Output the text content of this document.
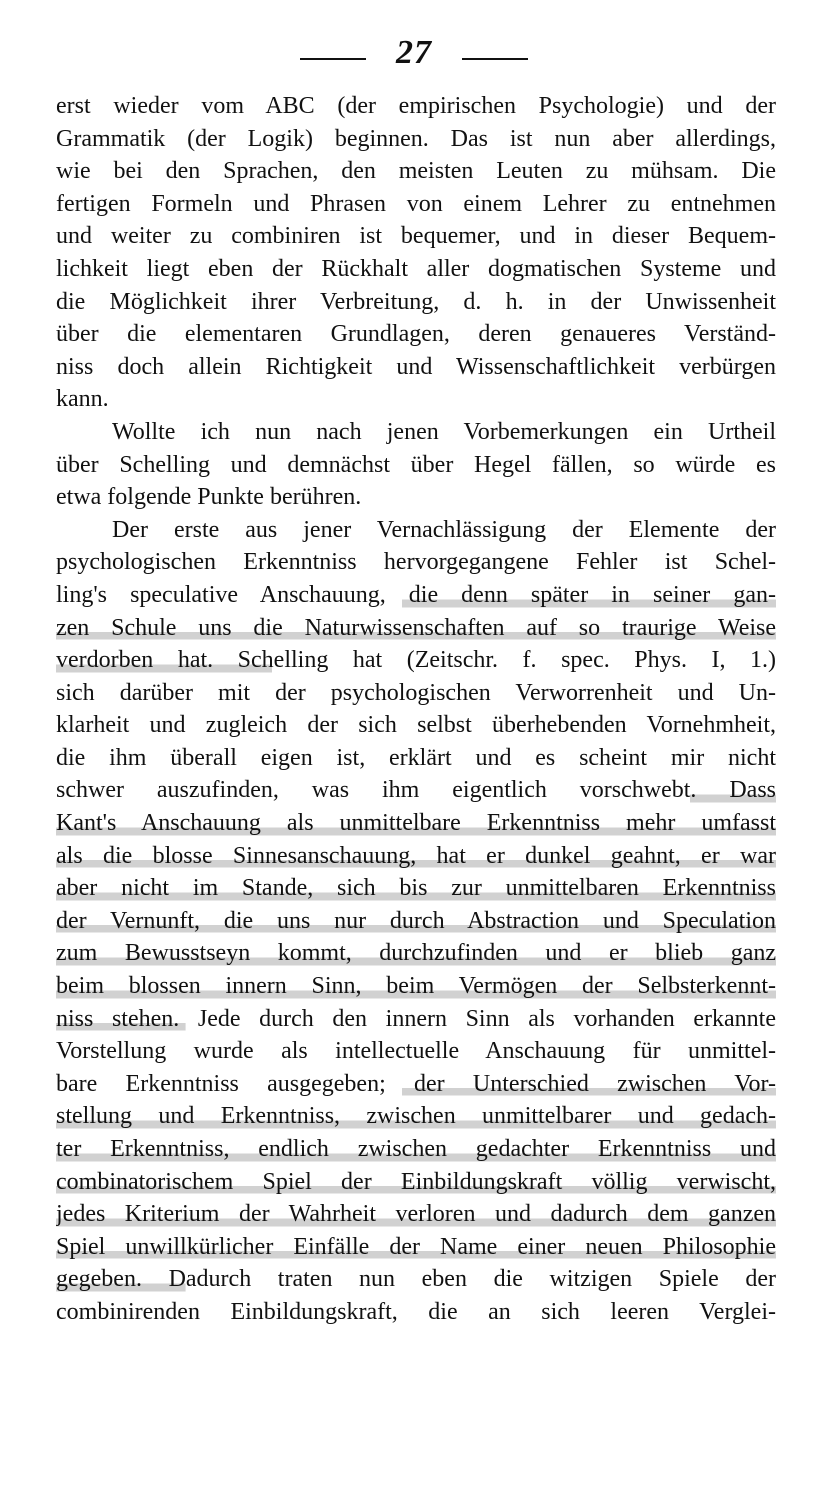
27
erst wieder vom ABC (der empirischen Psychologie) und der
Grammatik (der Logik) beginnen. Das ist nun aber allerdings,
wie bei den Sprachen, den meisten Leuten zu mühsam. Die
fertigen Formeln und Phrasen von einem Lehrer zu entnehmen
und weiter zu combiniren ist bequemer, und in dieser Bequem-
lichkeit liegt eben der Rückhalt aller dogmatischen Systeme und
die Möglichkeit ihrer Verbreitung, d. h. in der Unwissenheit
über die elementaren Grundlagen, deren genaueres Verständ-
niss doch allein Richtigkeit und Wissenschaftlichkeit verbürgen
kann.
Wollte ich nun nach jenen Vorbemerkungen ein Urtheil
über Schelling und demnächst über Hegel fällen, so würde es
etwa folgende Punkte berühren.
Der erste aus jener Vernachlässigung der Elemente der
psychologischen Erkenntniss hervorgegangene Fehler ist Schel-
ling's speculative Anschauung, die denn später in seiner gan-
zen Schule uns die Naturwissenschaften auf so traurige Weise
verdorben hat. Schelling hat (Zeitschr. f. spec. Phys. I, 1.)
sich darüber mit der psychologischen Verworrenheit und Un-
klarheit und zugleich der sich selbst überhebenden Vornehmheit,
die ihm überall eigen ist, erklärt und es scheint mir nicht
schwer auszufinden, was ihm eigentlich vorschwebt. Dass
Kant's Anschauung als unmittelbare Erkenntniss mehr umfasst
als die blosse Sinnesanschauung, hat er dunkel geahnt, er war
aber nicht im Stande, sich bis zur unmittelbaren Erkenntniss
der Vernunft, die uns nur durch Abstraction und Speculation
zum Bewusstseyn kommt, durchzufinden und er blieb ganz
beim blossen innern Sinn, beim Vermögen der Selbsterkennt-
niss stehen. Jede durch den innern Sinn als vorhanden erkannte
Vorstellung wurde als intellectuelle Anschauung für unmittel-
bare Erkenntniss ausgegeben; der Unterschied zwischen Vor-
stellung und Erkenntniss, zwischen unmittelbarer und gedach-
ter Erkenntniss, endlich zwischen gedachter Erkenntniss und
combinatorischem Spiel der Einbildungskraft völlig verwischt,
jedes Kriterium der Wahrheit verloren und dadurch dem ganzen
Spiel unwillkürlicher Einfälle der Name einer neuen Philosophie
gegeben. Dadurch traten nun eben die witzigen Spiele der
combinirenden Einbildungskraft, die an sich leeren Verglei-
